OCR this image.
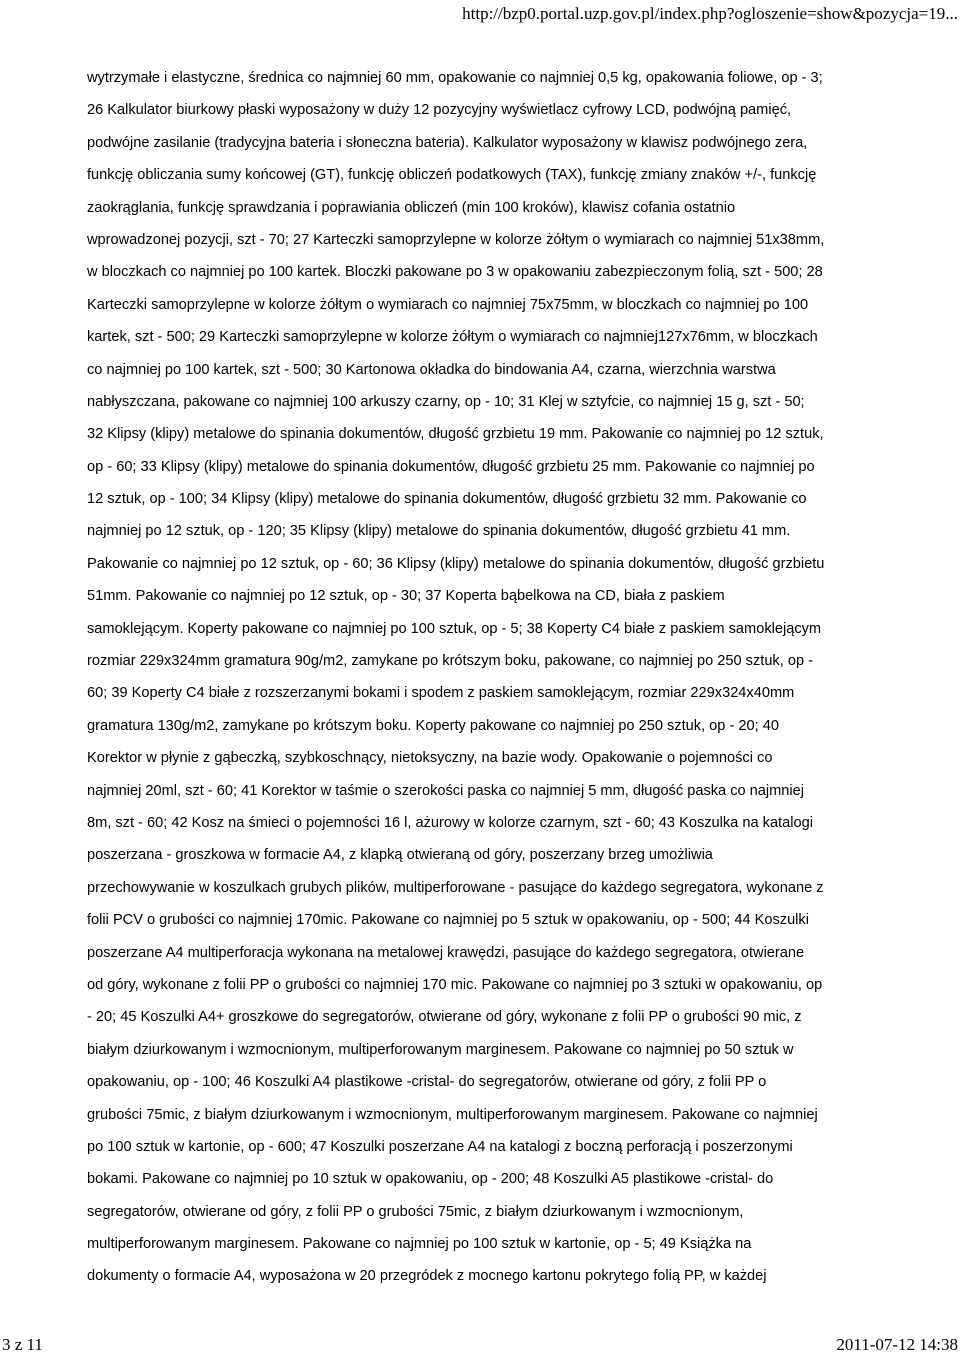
http://bzp0.portal.uzp.gov.pl/index.php?ogloszenie=show&pozycja=19...
wytrzymałe i elastyczne, średnica co najmniej 60 mm, opakowanie co najmniej 0,5 kg, opakowania foliowe, op - 3;
26 Kalkulator biurkowy płaski wyposażony w duży 12 pozycyjny wyświetlacz cyfrowy LCD, podwójną pamięć,
podwójne zasilanie (tradycyjna bateria i słoneczna bateria). Kalkulator wyposażony w klawisz podwójnego zera,
funkcję obliczania sumy końcowej (GT), funkcję obliczeń podatkowych (TAX), funkcję zmiany znaków +/-, funkcję
zaokrąglania, funkcję sprawdzania i poprawiania obliczeń (min 100 kroków), klawisz cofania ostatnio
wprowadzonej pozycji, szt - 70; 27 Karteczki samoprzylepne w kolorze żółtym o wymiarach co najmniej 51x38mm,
w bloczkach co najmniej po 100 kartek. Bloczki pakowane po 3 w opakowaniu zabezpieczonym folią, szt - 500; 28
Karteczki samoprzylepne w kolorze żółtym o wymiarach co najmniej 75x75mm, w bloczkach co najmniej po 100
kartek, szt - 500; 29 Karteczki samoprzylepne w kolorze żółtym o wymiarach co najmniej127x76mm, w bloczkach
co najmniej po 100 kartek, szt - 500; 30 Kartonowa okładka do bindowania A4, czarna, wierzchnia warstwa
nabłyszczana, pakowane co najmniej 100 arkuszy czarny, op - 10; 31 Klej w sztyfcie, co najmniej 15 g, szt - 50;
32 Klipsy (klipy) metalowe do spinania dokumentów, długość grzbietu 19 mm. Pakowanie co najmniej po 12 sztuk,
op - 60; 33 Klipsy (klipy) metalowe do spinania dokumentów, długość grzbietu 25 mm. Pakowanie co najmniej po
12 sztuk, op - 100; 34 Klipsy (klipy) metalowe do spinania dokumentów, długość grzbietu 32 mm. Pakowanie co
najmniej po 12 sztuk, op - 120; 35 Klipsy (klipy) metalowe do spinania dokumentów, długość grzbietu 41 mm.
Pakowanie co najmniej po 12 sztuk, op - 60; 36 Klipsy (klipy) metalowe do spinania dokumentów, długość grzbietu
51mm. Pakowanie co najmniej po 12 sztuk, op - 30; 37 Koperta bąbelkowa na CD, biała z paskiem
samoklejącym. Koperty pakowane co najmniej po 100 sztuk, op - 5; 38 Koperty C4 białe z paskiem samoklejącym
rozmiar 229x324mm gramatura 90g/m2, zamykane po krótszym boku, pakowane, co najmniej po 250 sztuk, op -
60; 39 Koperty C4 białe z rozszerzanymi bokami i spodem z paskiem samoklejącym, rozmiar 229x324x40mm
gramatura 130g/m2, zamykane po krótszym boku. Koperty pakowane co najmniej po 250 sztuk, op - 20; 40
Korektor w płynie z gąbeczką, szybkoschnący, nietoksyczny, na bazie wody. Opakowanie o pojemności co
najmniej 20ml, szt - 60; 41 Korektor w taśmie o szerokości paska co najmniej 5 mm, długość paska co najmniej
8m, szt - 60; 42 Kosz na śmieci o pojemności 16 l, ażurowy w kolorze czarnym, szt - 60; 43 Koszulka na katalogi
poszerzana - groszkowa w formacie A4, z klapką otwieraną od góry, poszerzany brzeg umożliwia
przechowywanie w koszulkach grubych plików, multiperforowane - pasujące do każdego segregatora, wykonane z
folii PCV o grubości co najmniej 170mic. Pakowane co najmniej po 5 sztuk w opakowaniu, op - 500; 44 Koszulki
poszerzane A4 multiperforacja wykonana na metalowej krawędzi, pasujące do każdego segregatora, otwierane
od góry, wykonane z folii PP o grubości co najmniej 170 mic. Pakowane co najmniej po 3 sztuki w opakowaniu, op
- 20; 45 Koszulki A4+ groszkowe do segregatorów, otwierane od góry, wykonane z folii PP o grubości 90 mic, z
białym dziurkowanym i wzmocnionym, multiperforowanym marginesem. Pakowane co najmniej po 50 sztuk w
opakowaniu, op - 100; 46 Koszulki A4 plastikowe -cristal- do segregatorów, otwierane od góry, z folii PP o
grubości 75mic, z białym dziurkowanym i wzmocnionym, multiperforowanym marginesem. Pakowane co najmniej
po 100 sztuk w kartonie, op - 600; 47 Koszulki poszerzane A4 na katalogi z boczną perforacją i poszerzonymi
bokami. Pakowane co najmniej po 10 sztuk w opakowaniu, op - 200; 48 Koszulki A5 plastikowe -cristal- do
segregatorów, otwierane od góry, z folii PP o grubości 75mic, z białym dziurkowanym i wzmocnionym,
multiperforowanym marginesem. Pakowane co najmniej po 100 sztuk w kartonie, op - 5; 49 Książka na
dokumenty o formacie A4, wyposażona w 20 przegródek z mocnego kartonu pokrytego folią PP, w każdej
3 z 11	2011-07-12 14:38
